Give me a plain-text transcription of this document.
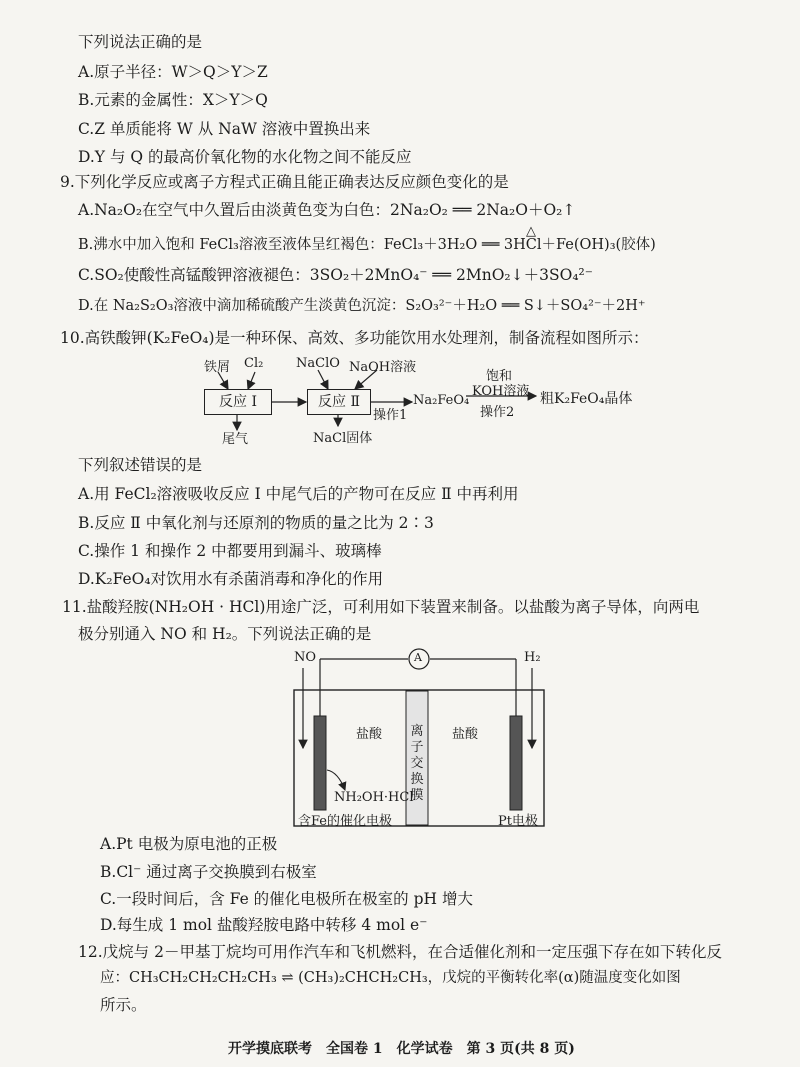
下列说法正确的是
A.原子半径：W＞Q＞Y＞Z
B.元素的金属性：X＞Y＞Q
C.Z 单质能将 W 从 NaW 溶液中置换出来
D.Y 与 Q 的最高价氧化物的水化物之间不能反应
9.下列化学反应或离子方程式正确且能正确表达反应颜色变化的是
A.Na₂O₂在空气中久置后由淡黄色变为白色：2Na₂O₂ ══ 2Na₂O＋O₂↑
△
B.沸水中加入饱和 FeCl₃溶液至液体呈红褐色：FeCl₃＋3H₂O ══ 3HCl＋Fe(OH)₃(胶体)
C.SO₂使酸性高锰酸钾溶液褪色：3SO₂＋2MnO₄⁻ ══ 2MnO₂↓＋3SO₄²⁻
D.在 Na₂S₂O₃溶液中滴加稀硫酸产生淡黄色沉淀：S₂O₃²⁻＋H₂O ══ S↓＋SO₄²⁻＋2H⁺
10.高铁酸钾(K₂FeO₄)是一种环保、高效、多功能饮用水处理剂，制备流程如图所示：
铁屑 Cl₂
反应 I
尾气
NaClO NaOH溶液
反应 Ⅱ
操作1
NaCl固体
Na₂FeO₄
饱和
KOH溶液
操作2
粗K₂FeO₄晶体
下列叙述错误的是
A.用 FeCl₂溶液吸收反应 I 中尾气后的产物可在反应 Ⅱ 中再利用
B.反应 Ⅱ 中氧化剂与还原剂的物质的量之比为 2∶3
C.操作 1 和操作 2 中都要用到漏斗、玻璃棒
D.K₂FeO₄对饮用水有杀菌消毒和净化的作用
11.盐酸羟胺(NH₂OH · HCl)用途广泛，可利用如下装置来制备。以盐酸为离子导体，向两电
极分别通入 NO 和 H₂。下列说法正确的是
NO	H₂
A
盐酸	盐酸
离子交换膜
NH₂OH·HCl
含Fe的催化电极	Pt电极
A.Pt 电极为原电池的正极
B.Cl⁻ 通过离子交换膜到右极室
C.一段时间后，含 Fe 的催化电极所在极室的 pH 增大
D.每生成 1 mol 盐酸羟胺电路中转移 4 mol e⁻
12.戊烷与 2－甲基丁烷均可用作汽车和飞机燃料，在合适催化剂和一定压强下存在如下转化反
应：CH₃CH₂CH₂CH₂CH₃ ⇌ (CH₃)₂CHCH₂CH₃，戊烷的平衡转化率(α)随温度变化如图
所示。
开学摸底联考　全国卷 1　化学试卷　第 3 页(共 8 页)
